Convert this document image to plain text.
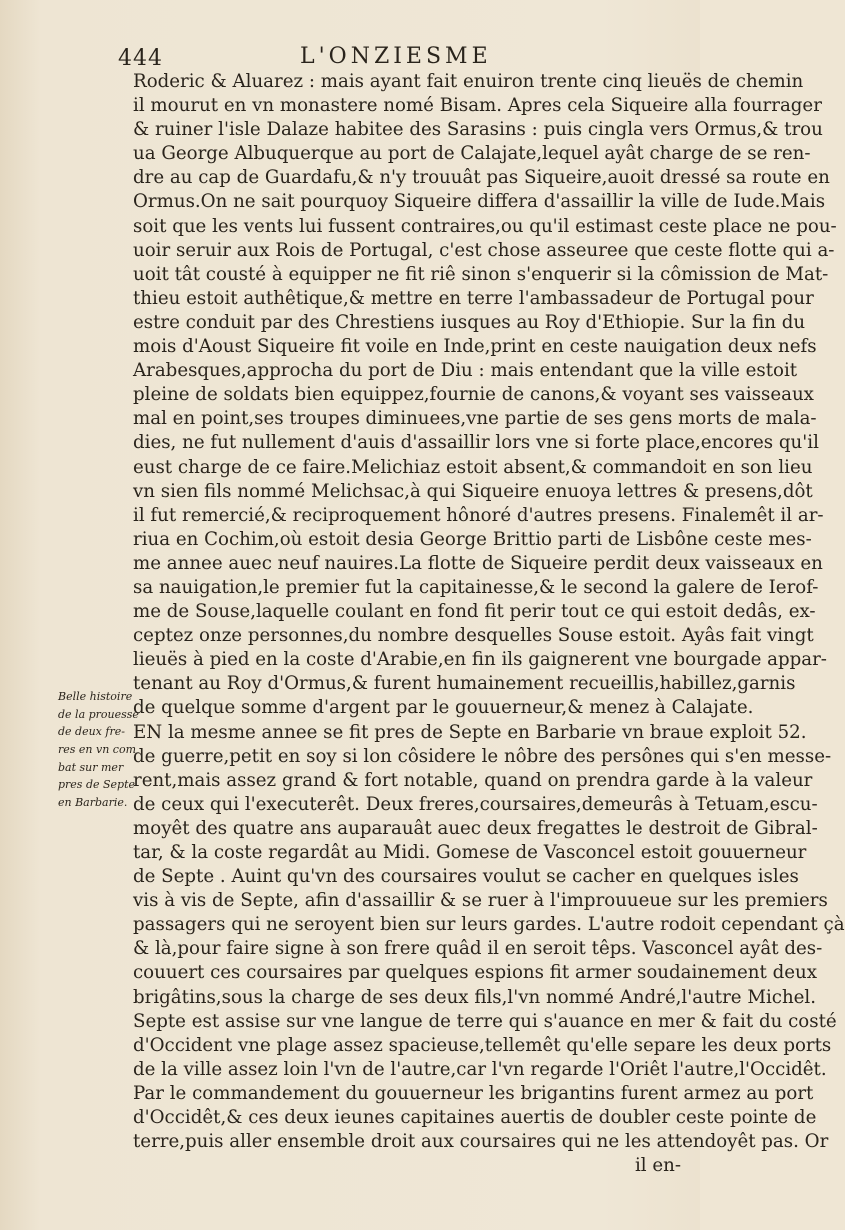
444	L'ONZIESME
Roderic & Aluarez : mais ayant fait enuiron trente cinq lieuës de chemin
il mourut en vn monastere nomé Bisam. Apres cela Siqueire alla fourrager
& ruiner l'isle Dalaze habitee des Sarasins : puis cingla vers Ormus,& trou
ua George Albuquerque au port de Calajate,lequel ayât charge de se ren-
dre au cap de Guardafu,& n'y trouuât pas Siqueire,auoit dressé sa route en
Ormus.On ne sait pourquoy Siqueire differa d'assaillir la ville de Iude.Mais
soit que les vents lui fussent contraires,ou qu'il estimast ceste place ne pou-
uoir seruir aux Rois de Portugal, c'est chose asseuree que ceste flotte qui a-
uoit tât cousté à equipper ne fit riê sinon s'enquerir si la cômission de Mat-
thieu estoit authêtique,& mettre en terre l'ambassadeur de Portugal pour
estre conduit par des Chrestiens iusques au Roy d'Ethiopie. Sur la fin du
mois d'Aoust Siqueire fit voile en Inde,print en ceste nauigation deux nefs
Arabesques,approcha du port de Diu : mais entendant que la ville estoit
pleine de soldats bien equippez,fournie de canons,& voyant ses vaisseaux
mal en point,ses troupes diminuees,vne partie de ses gens morts de mala-
dies, ne fut nullement d'auis d'assaillir lors vne si forte place,encores qu'il
eust charge de ce faire.Melichiaz estoit absent,& commandoit en son lieu
vn sien fils nommé Melichsac,à qui Siqueire enuoya lettres & presens,dôt
il fut remercié,& reciproquement hônoré d'autres presens. Finalemêt il ar-
riua en Cochim,où estoit desia George Brittio parti de Lisbône ceste mes-
me annee auec neuf nauires.La flotte de Siqueire perdit deux vaisseaux en
sa nauigation,le premier fut la capitainesse,& le second la galere de Ierof-
me de Souse,laquelle coulant en fond fit perir tout ce qui estoit dedâs, ex-
ceptez onze personnes,du nombre desquelles Souse estoit. Ayâs fait vingt
lieuës à pied en la coste d'Arabie,en fin ils gaignerent vne bourgade appar-
tenant au Roy d'Ormus,& furent humainement recueillis,habillez,garnis
de quelque somme d'argent par le gouuerneur,& menez à Calajate.
EN la mesme annee se fit pres de Septe en Barbarie vn braue exploit 52.
de guerre,petit en soy si lon côsidere le nôbre des persônes qui s'en messe-
rent,mais assez grand & fort notable, quand on prendra garde à la valeur
de ceux qui l'executerêt. Deux freres,coursaires,demeurâs à Tetuam,escu-
moyêt des quatre ans auparauât auec deux fregattes le destroit de Gibral-
tar, & la coste regardât au Midi. Gomese de Vasconcel estoit gouuerneur
de Septe . Auint qu'vn des coursaires voulut se cacher en quelques isles
vis à vis de Septe, afin d'assaillir & se ruer à l'improuueue sur les premiers
passagers qui ne seroyent bien sur leurs gardes. L'autre rodoit cependant çà
& là,pour faire signe à son frere quâd il en seroit têps. Vasconcel ayât des-
couuert ces coursaires par quelques espions fit armer soudainement deux
brigâtins,sous la charge de ses deux fils,l'vn nommé André,l'autre Michel.
Septe est assise sur vne langue de terre qui s'auance en mer & fait du costé
d'Occident vne plage assez spacieuse,tellemêt qu'elle separe les deux ports
de la ville assez loin l'vn de l'autre,car l'vn regarde l'Oriêt l'autre,l'Occidêt.
Par le commandement du gouuerneur les brigantins furent armez au port
d'Occidêt,& ces deux ieunes capitaines auertis de doubler ceste pointe de
terre,puis aller ensemble droit aux coursaires qui ne les attendoyêt pas. Or
il en-
Belle histoire
de la prouesse
de deux fre-
res en vn com
bat sur mer
pres de Septe
en Barbarie.
